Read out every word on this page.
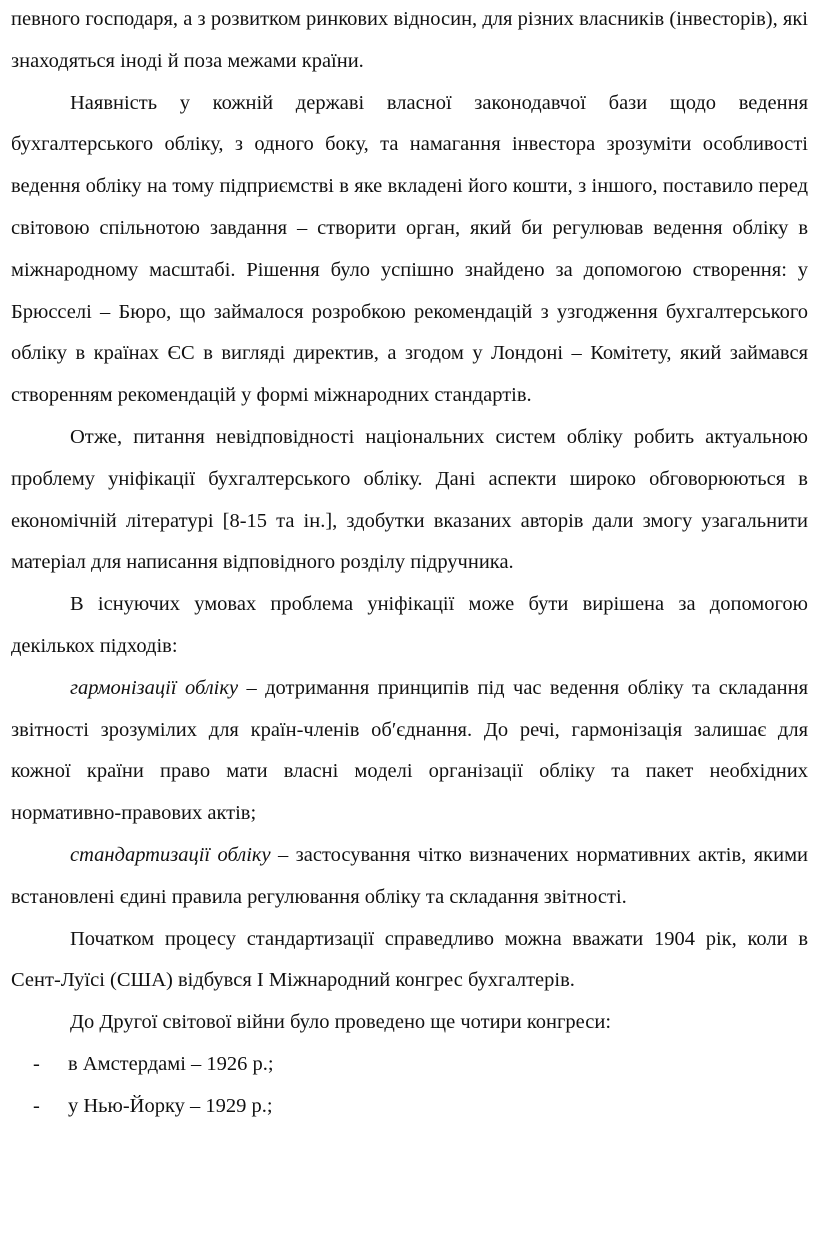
певного господаря, а з розвитком ринкових відносин, для різних власників (інвесторів), які знаходяться іноді й поза межами країни.

Наявність у кожній державі власної законодавчої бази щодо ведення бухгалтерського обліку, з одного боку, та намагання інвестора зрозуміти особливості ведення обліку на тому підприємстві в яке вкладені його кошти, з іншого, поставило перед світовою спільнотою завдання – створити орган, який би регулював ведення обліку в міжнародному масштабі. Рішення було успішно знайдено за допомогою створення: у Брюсселі – Бюро, що займалося розробкою рекомендацій з узгодження бухгалтерського обліку в країнах ЄС в вигляді директив, а згодом у Лондоні – Комітету, який займався створенням рекомендацій у формі міжнародних стандартів.

Отже, питання невідповідності національних систем обліку робить актуальною проблему уніфікації бухгалтерського обліку. Дані аспекти широко обговорюються в економічній літературі [8-15 та ін.], здобутки вказаних авторів дали змогу узагальнити матеріал для написання відповідного розділу підручника.

В існуючих умовах проблема уніфікації може бути вирішена за допомогою декількох підходів:

гармонізації обліку – дотримання принципів під час ведення обліку та складання звітності зрозумілих для країн-членів об′єднання. До речі, гармонізація залишає для кожної країни право мати власні моделі організації обліку та пакет необхідних нормативно-правових актів;

стандартизації обліку – застосування чітко визначених нормативних актів, якими встановлені єдині правила регулювання обліку та складання звітності.

Початком процесу стандартизації справедливо можна вважати 1904 рік, коли в Сент-Луїсі (США) відбувся І Міжнародний конгрес бухгалтерів.

До Другої світової війни було проведено ще чотири конгреси:

- в Амстердамі – 1926 р.;
- у Нью-Йорку – 1929 р.;
